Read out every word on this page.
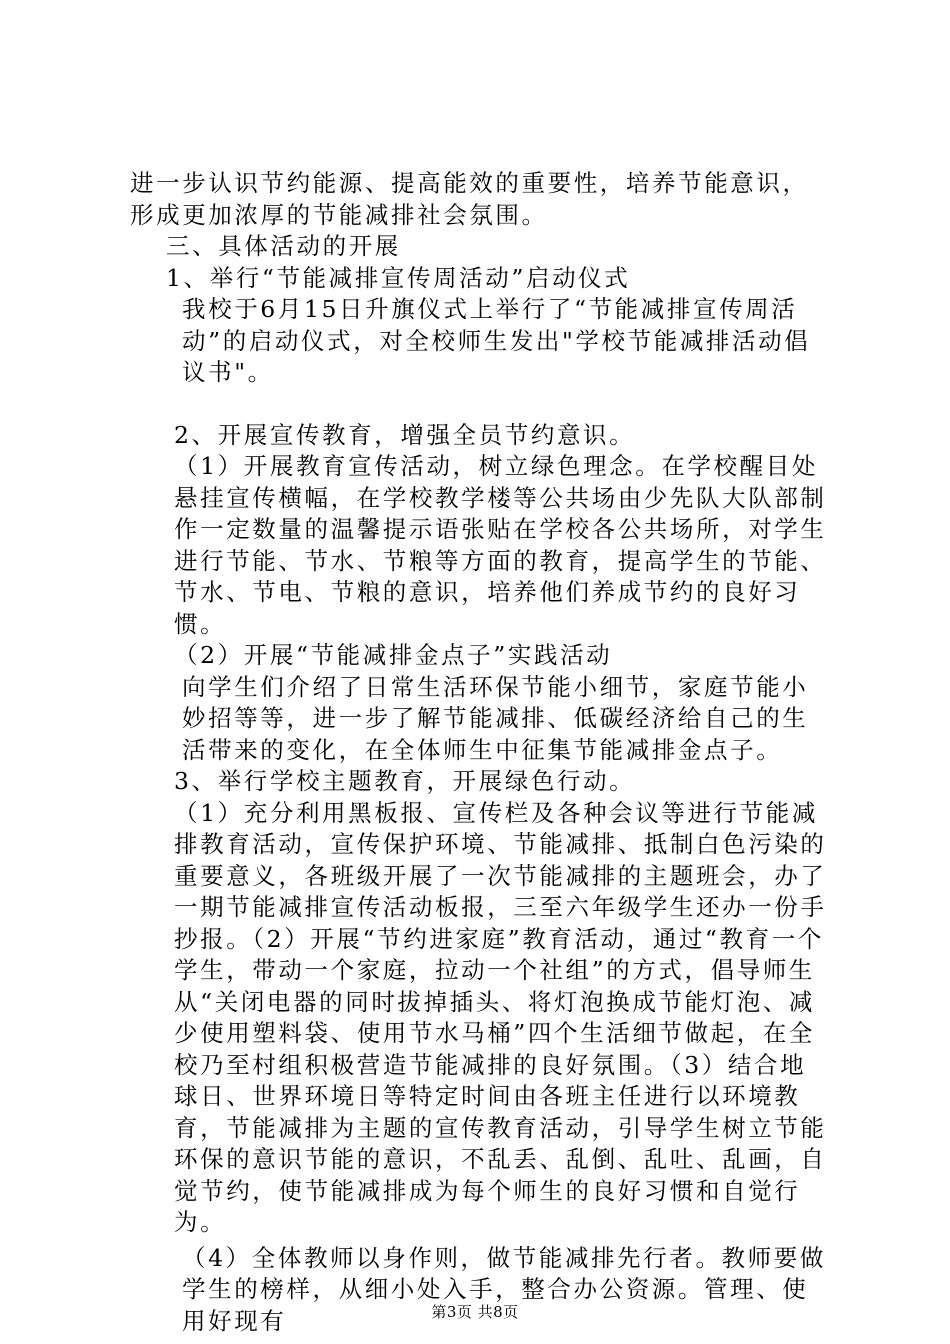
进一步认识节约能源、提高能效的重要性，培养节能意识，形成更加浓厚的节能减排社会氛围。

三、具体活动的开展

1、举行“节能减排宣传周活动”启动仪式

我校于6月15日升旗仪式上举行了“节能减排宣传周活动”的启动仪式，对全校师生发出"学校节能减排活动倡议书"。

2、开展宣传教育，增强全员节约意识。

（1）开展教育宣传活动，树立绿色理念。在学校醒目处悬挂宣传横幅，在学校教学楼等公共场由少先队大队部制作一定数量的温馨提示语张贴在学校各公共场所，对学生进行节能、节水、节粮等方面的教育，提高学生的节能、节水、节电、节粮的意识，培养他们养成节约的良好习惯。

（2）开展“节能减排金点子”实践活动

向学生们介绍了日常生活环保节能小细节，家庭节能小妙招等等，进一步了解节能减排、低碳经济给自己的生活带来的变化，在全体师生中征集节能减排金点子。

3、举行学校主题教育，开展绿色行动。

（1）充分利用黑板报、宣传栏及各种会议等进行节能减排教育活动，宣传保护环境、节能减排、抵制白色污染的重要意义，各班级开展了一次节能减排的主题班会，办了一期节能减排宣传活动板报，三至六年级学生还办一份手抄报。（2）开展“节约进家庭”教育活动，通过“教育一个学生，带动一个家庭，拉动一个社组”的方式，倡导师生从“关闭电器的同时拔掉插头、将灯泡换成节能灯泡、减少使用塑料袋、使用节水马桶”四个生活细节做起，在全校乃至村组积极营造节能减排的良好氛围。（3）结合地球日、世界环境日等特定时间由各班主任进行以环境教育，节能减排为主题的宣传教育活动，引导学生树立节能环保的意识节能的意识，不乱丢、乱倒、乱吐、乱画，自觉节约，使节能减排成为每个师生的良好习惯和自觉行为。

（4）全体教师以身作则，做节能减排先行者。教师要做学生的榜样，从细小处入手，整合办公资源。管理、使用好现有	第3页 共8页
